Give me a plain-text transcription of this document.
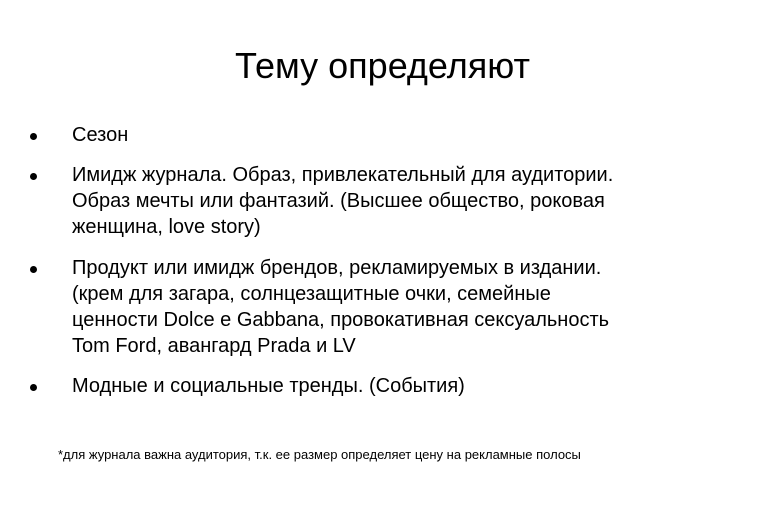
Тему определяют
Сезон
Имидж журнала. Образ, привлекательный для аудитории.
Образ мечты или фантазий. (Высшее общество, роковая
женщина, love story)
Продукт или имидж брендов, рекламируемых в издании.
(крем для загара, солнцезащитные очки, семейные
ценности Dolce e Gabbana, провокативная сексуальность
Tom Ford, авангард Prada и LV
Модные и социальные тренды. (События)
*для журнала важна аудитория, т.к. ее размер определяет цену на рекламные полосы
